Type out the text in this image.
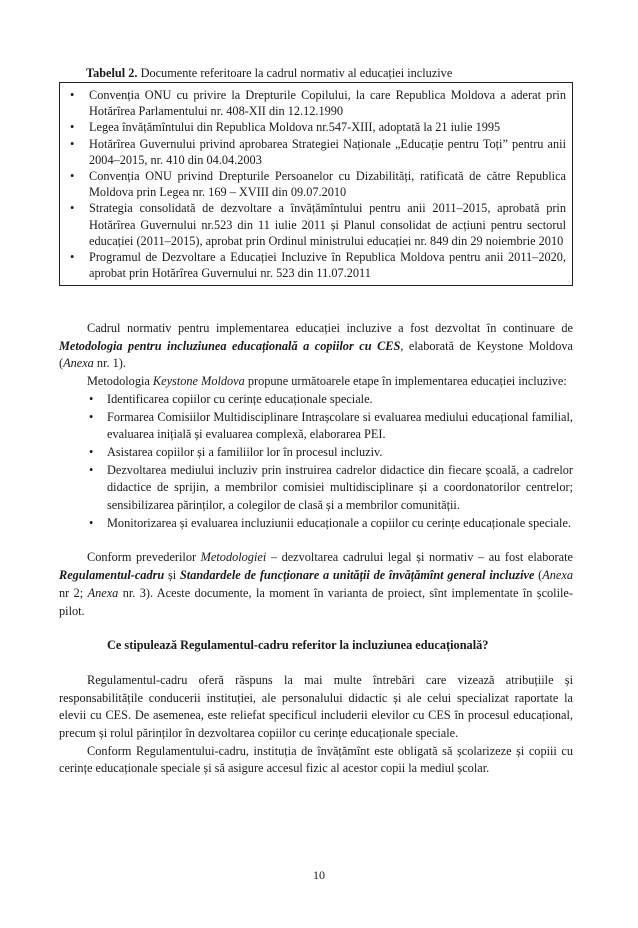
Tabelul 2. Documente referitoare la cadrul normativ al educației incluzive
• Convenția ONU cu privire la Drepturile Copilului, la care Republica Moldova a aderat prin Hotărîrea Parlamentului nr. 408-XII din 12.12.1990
• Legea învățămîntului din Republica Moldova nr.547-XIII, adoptată la 21 iulie 1995
• Hotărîrea Guvernului privind aprobarea Strategiei Naționale „Educație pentru Toți” pentru anii 2004–2015, nr. 410 din 04.04.2003
• Convenția ONU privind Drepturile Persoanelor cu Dizabilități, ratificată de către Republica Moldova prin Legea nr. 169 – XVIII din 09.07.2010
• Strategia consolidată de dezvoltare a învățămîntului pentru anii 2011–2015, aprobată prin Hotărîrea Guvernului nr.523 din 11 iulie 2011 și Planul consolidat de acțiuni pentru sectorul educației (2011–2015), aprobat prin Ordinul ministrului educației nr. 849 din 29 noiembrie 2010
• Programul de Dezvoltare a Educației Incluzive în Republica Moldova pentru anii 2011–2020, aprobat prin Hotărîrea Guvernului nr. 523 din 11.07.2011

Cadrul normativ pentru implementarea educației incluzive a fost dezvoltat în continuare de Metodologia pentru incluziunea educațională a copiilor cu CES, elaborată de Keystone Moldova (Anexa nr. 1).

Metodologia Keystone Moldova propune următoarele etape în implementarea educației incluzive:

• Identificarea copiilor cu cerințe educaționale speciale.
• Formarea Comisiilor Multidisciplinare Intrașcolare si evaluarea mediului educațional familial, evaluarea inițială și evaluarea complexă, elaborarea PEI.
• Asistarea copiilor și a familiilor lor în procesul incluziv.
• Dezvoltarea mediului incluziv prin instruirea cadrelor didactice din fiecare școală, a cadrelor didactice de sprijin, a membrilor comisiei multidisciplinare și a coordonatorilor centrelor; sensibilizarea părinților, a colegilor de clasă și a membrilor comunității.
• Monitorizarea și evaluarea incluziunii educaționale a copiilor cu cerințe educaționale speciale.

Conform prevederilor Metodologiei – dezvoltarea cadrului legal și normativ – au fost elaborate Regulamentul-cadru și Standardele de funcționare a unității de învățămînt general incluzive (Anexa nr 2; Anexa nr. 3). Aceste documente, la moment în varianta de proiect, sînt implementate în școlile-pilot.

Ce stipulează Regulamentul-cadru referitor la incluziunea educațională?

Regulamentul-cadru oferă răspuns la mai multe întrebări care vizează atribuțiile și responsabilitățile conducerii instituției, ale personalului didactic și ale celui specializat raportate la elevii cu CES. De asemenea, este reliefat specificul includerii elevilor cu CES în procesul educațional, precum și rolul părinților în dezvoltarea copiilor cu cerințe educaționale speciale.

Conform Regulamentului-cadru, instituția de învățămînt este obligată să școlarizeze și copiii cu cerințe educaționale speciale și să asigure accesul fizic al acestor copii la mediul școlar.

10
